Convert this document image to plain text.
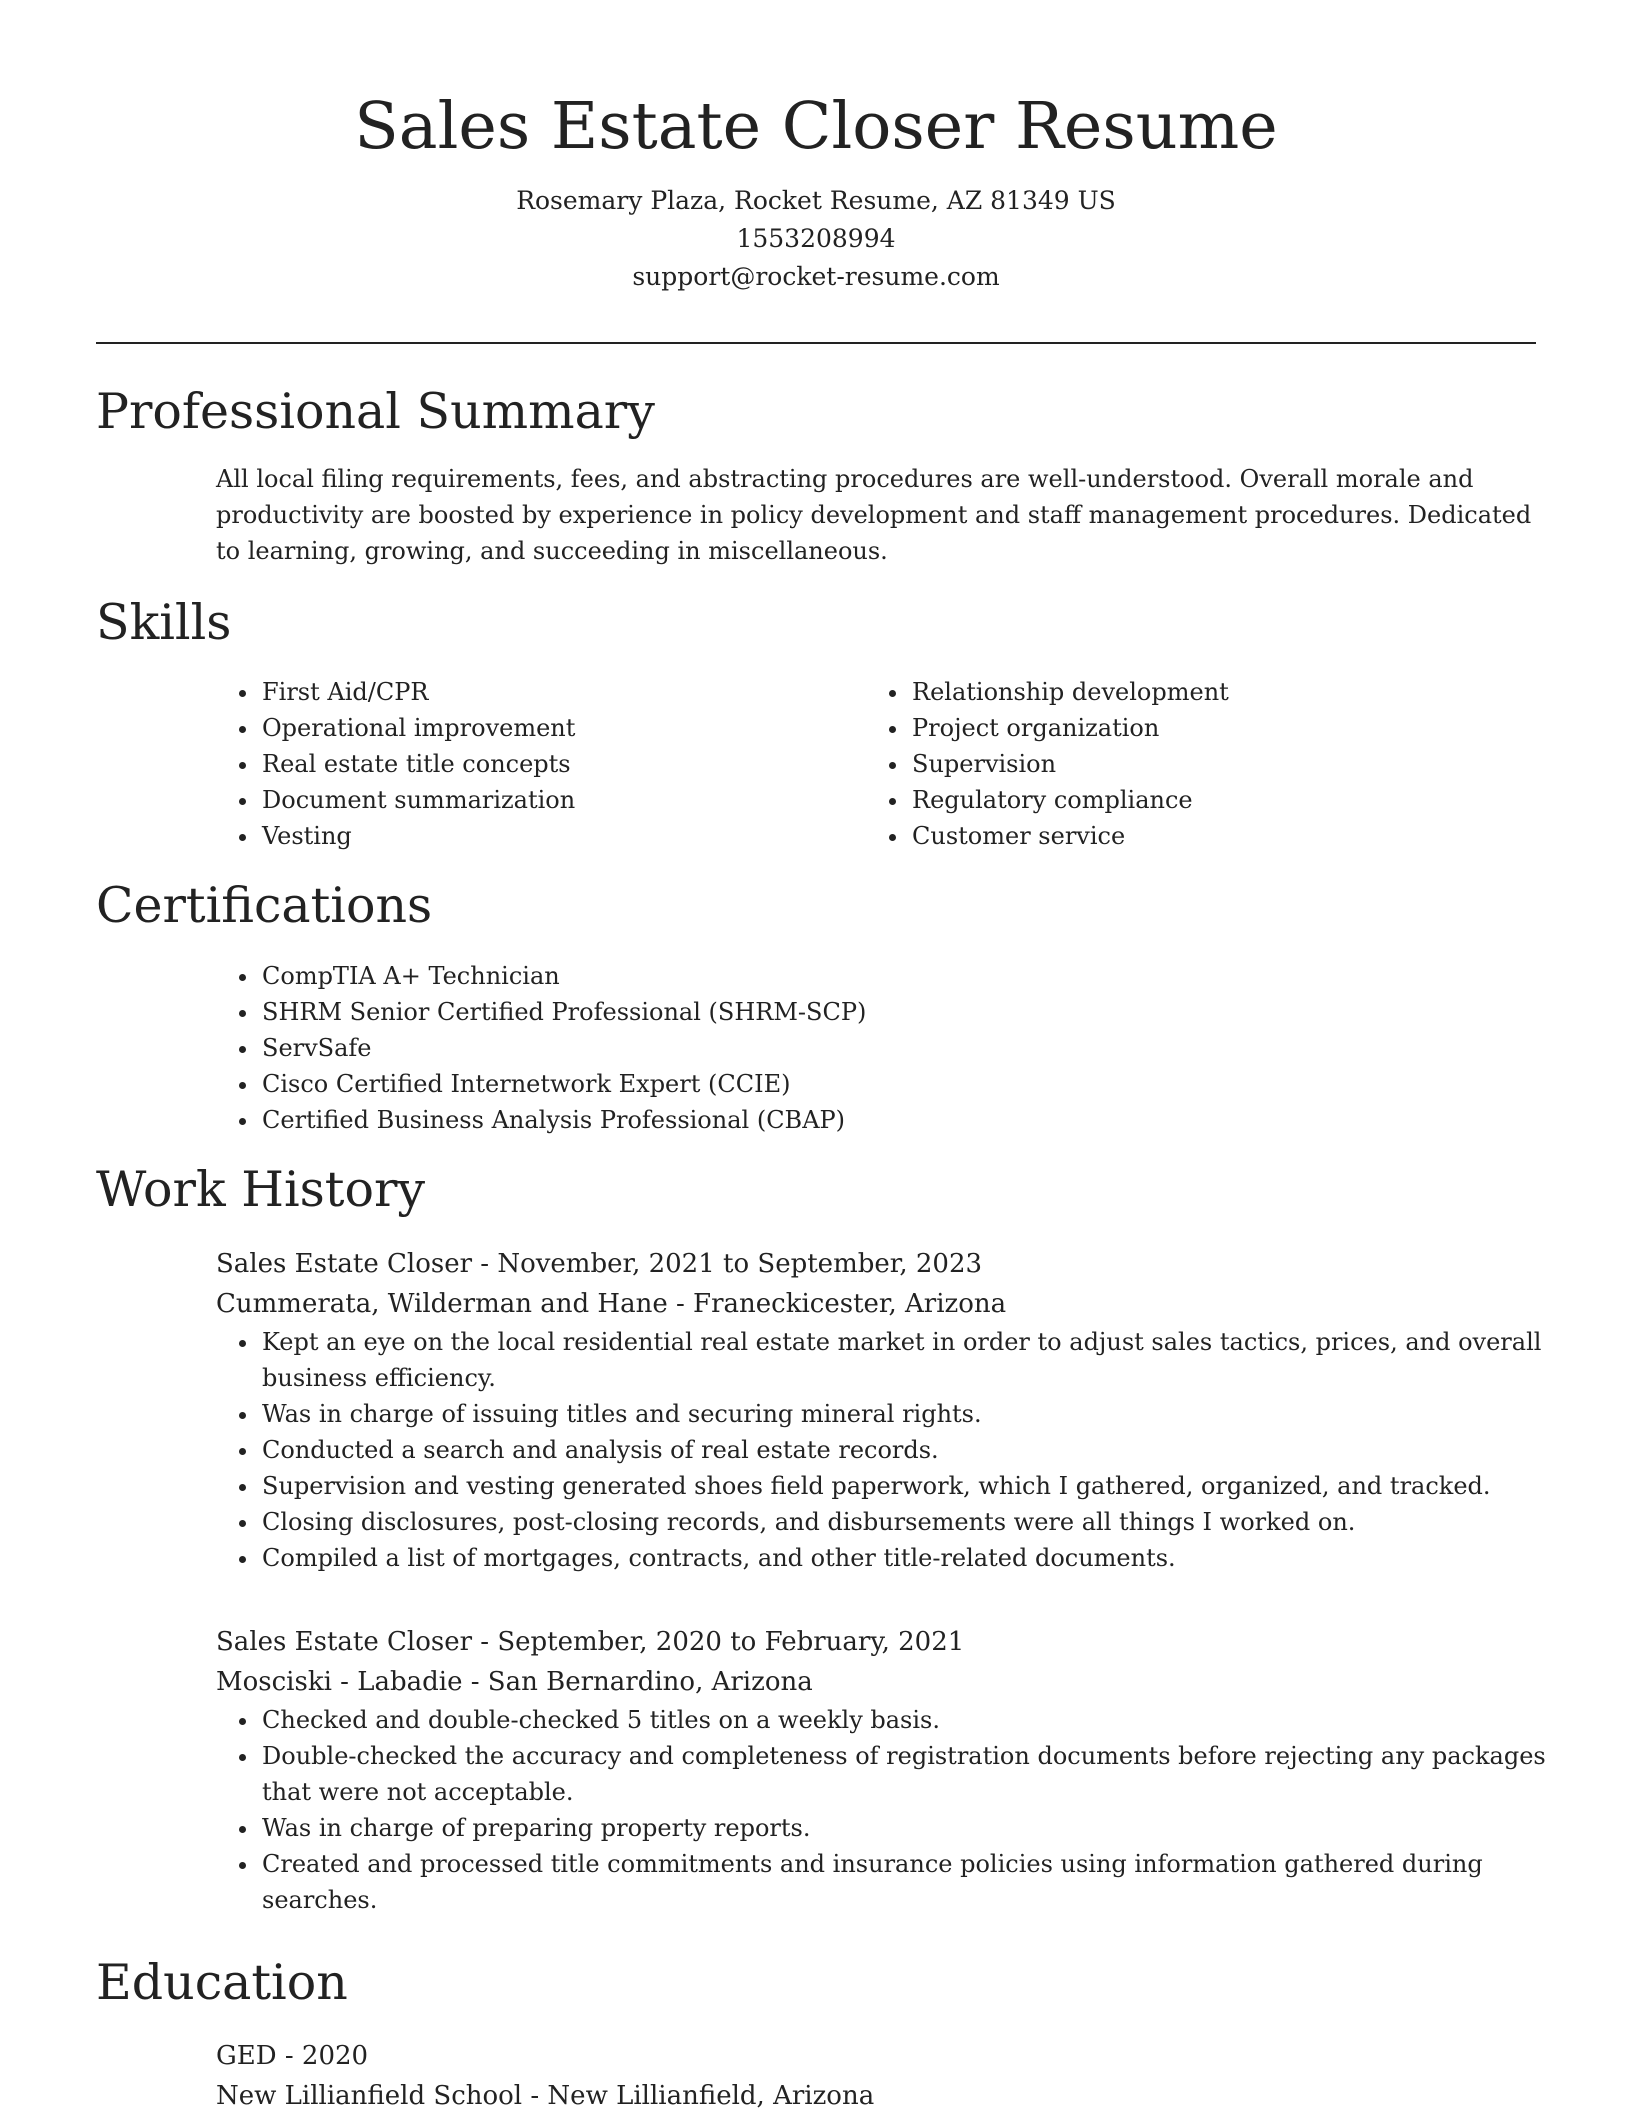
Sales Estate Closer Resume
Rosemary Plaza, Rocket Resume, AZ 81349 US
1553208994
support@rocket-resume.com
Professional Summary
All local filing requirements, fees, and abstracting procedures are well-understood. Overall morale and productivity are boosted by experience in policy development and staff management procedures. Dedicated to learning, growing, and succeeding in miscellaneous.
Skills
• First Aid/CPR
• Operational improvement
• Real estate title concepts
• Document summarization
• Vesting
• Relationship development
• Project organization
• Supervision
• Regulatory compliance
• Customer service
Certifications
• CompTIA A+ Technician
• SHRM Senior Certified Professional (SHRM-SCP)
• ServSafe
• Cisco Certified Internetwork Expert (CCIE)
• Certified Business Analysis Professional (CBAP)
Work History
Sales Estate Closer - November, 2021 to September, 2023
Cummerata, Wilderman and Hane - Franeckicester, Arizona
• Kept an eye on the local residential real estate market in order to adjust sales tactics, prices, and overall business efficiency.
• Was in charge of issuing titles and securing mineral rights.
• Conducted a search and analysis of real estate records.
• Supervision and vesting generated shoes field paperwork, which I gathered, organized, and tracked.
• Closing disclosures, post-closing records, and disbursements were all things I worked on.
• Compiled a list of mortgages, contracts, and other title-related documents.
Sales Estate Closer - September, 2020 to February, 2021
Mosciski - Labadie - San Bernardino, Arizona
• Checked and double-checked 5 titles on a weekly basis.
• Double-checked the accuracy and completeness of registration documents before rejecting any packages that were not acceptable.
• Was in charge of preparing property reports.
• Created and processed title commitments and insurance policies using information gathered during searches.
Education
GED - 2020
New Lillianfield School - New Lillianfield, Arizona
